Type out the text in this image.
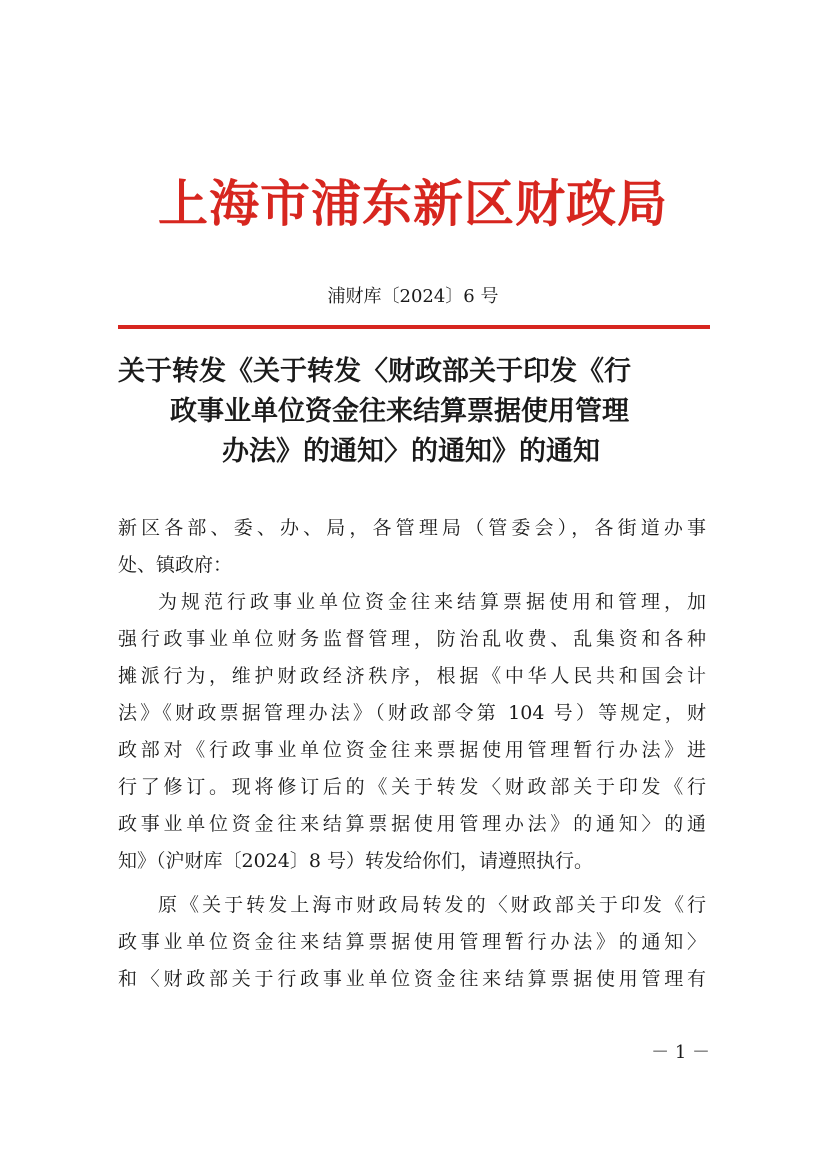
上海市浦东新区财政局
浦财库〔2024〕6 号
关于转发《关于转发〈财政部关于印发《行
政事业单位资金往来结算票据使用管理
办法》的通知〉的通知》的通知
新区各部、委、办、局，各管理局（管委会），各街道办事
处、镇政府：
为规范行政事业单位资金往来结算票据使用和管理，加
强行政事业单位财务监督管理，防治乱收费、乱集资和各种
摊派行为，维护财政经济秩序，根据《中华人民共和国会计
法》《财政票据管理办法》（财政部令第 104 号）等规定，财
政部对《行政事业单位资金往来票据使用管理暂行办法》进
行了修订。现将修订后的《关于转发〈财政部关于印发《行
政事业单位资金往来结算票据使用管理办法》的通知〉的通
知》（沪财库〔2024〕8 号）转发给你们，请遵照执行。
原《关于转发上海市财政局转发的〈财政部关于印发《行
政事业单位资金往来结算票据使用管理暂行办法》的通知〉
和〈财政部关于行政事业单位资金往来结算票据使用管理有
－ 1 －
